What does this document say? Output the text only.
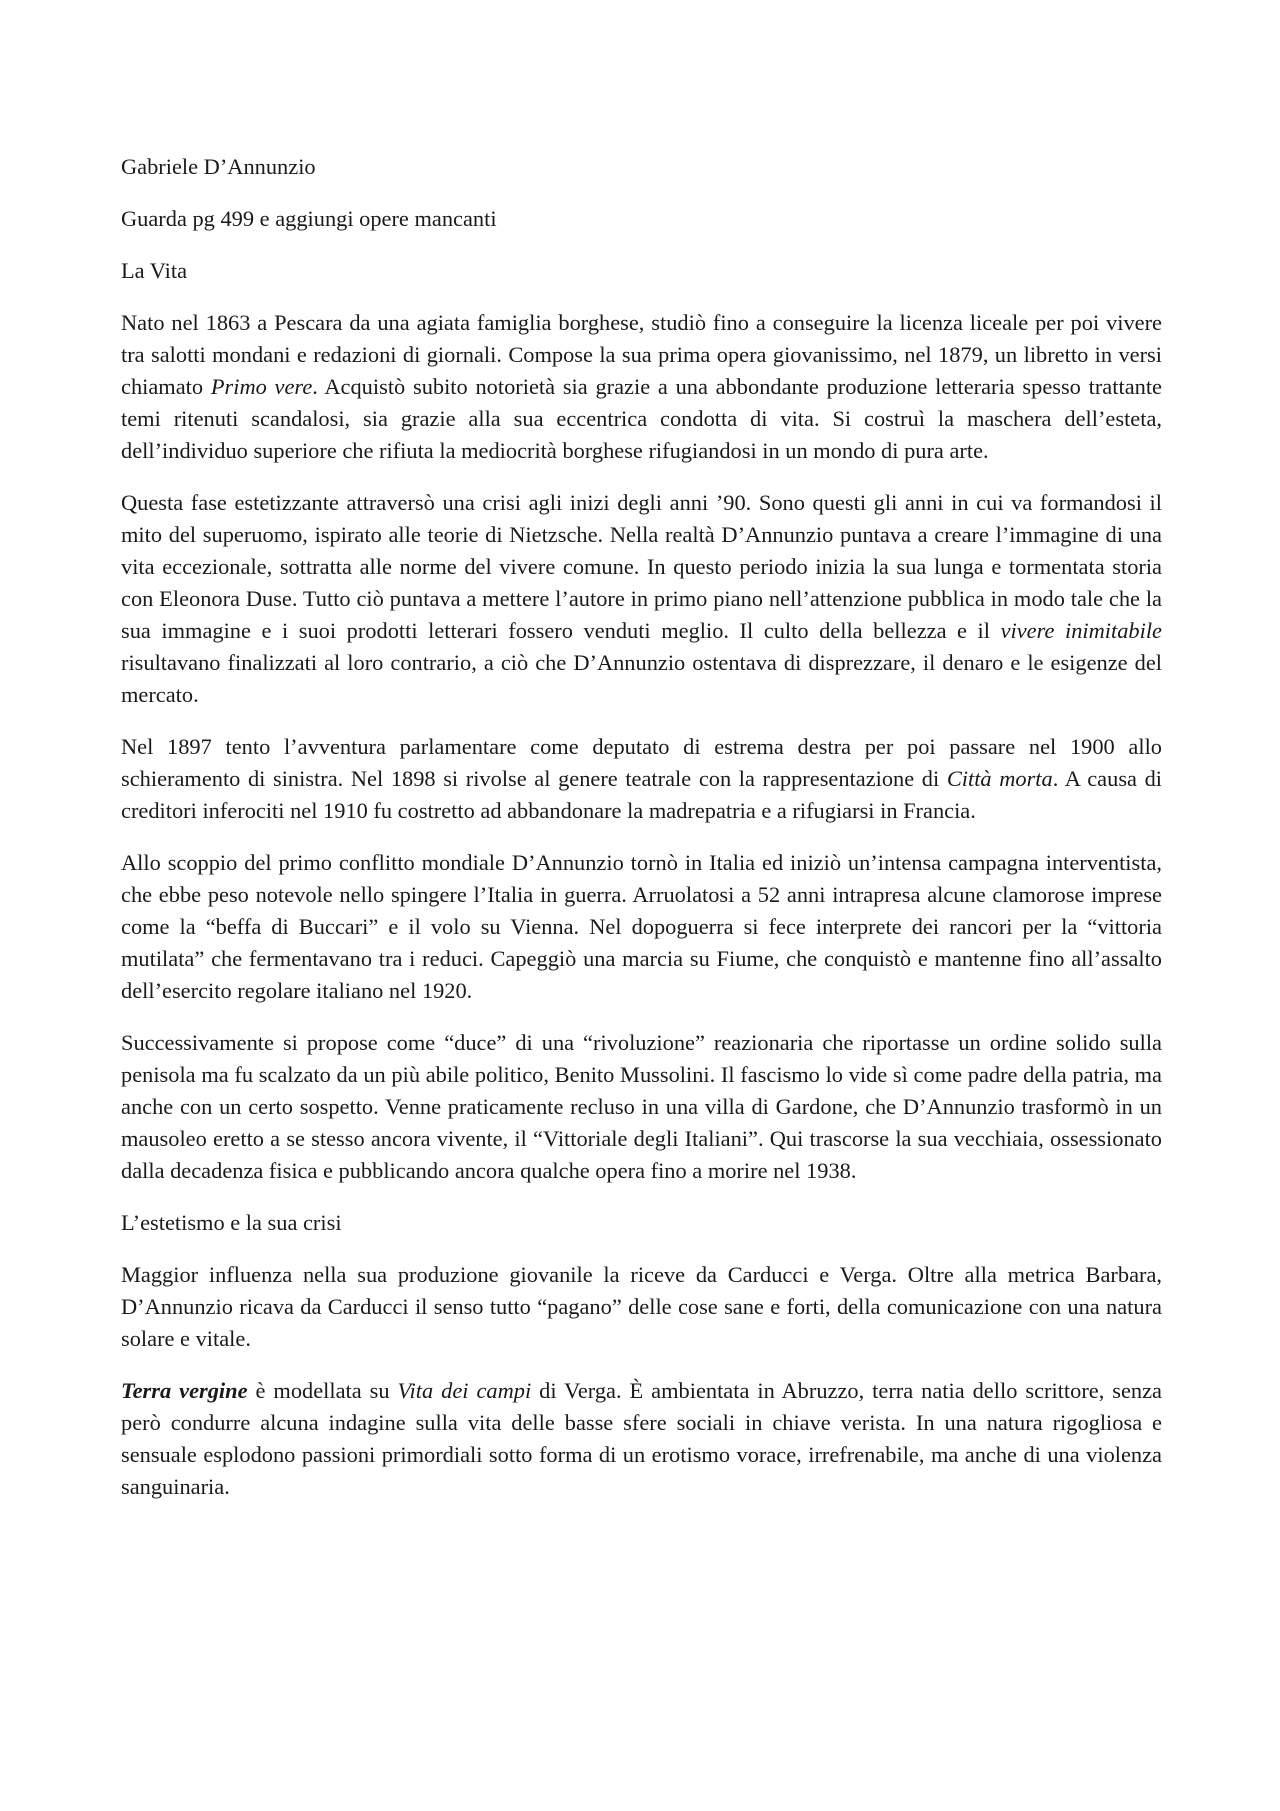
Gabriele D’Annunzio

Guarda pg 499 e aggiungi opere mancanti

La Vita

Nato nel 1863 a Pescara da una agiata famiglia borghese, studiò fino a conseguire la licenza liceale per poi vivere tra salotti mondani e redazioni di giornali. Compose la sua prima opera giovanissimo, nel 1879, un libretto in versi chiamato Primo vere. Acquistò subito notorietà sia grazie a una abbondante produzione letteraria spesso trattante temi ritenuti scandalosi, sia grazie alla sua eccentrica condotta di vita. Si costruì la maschera dell’esteta, dell’individuo superiore che rifiuta la mediocrità borghese rifugiandosi in un mondo di pura arte.

Questa fase estetizzante attraversò una crisi agli inizi degli anni ’90. Sono questi gli anni in cui va formandosi il mito del superuomo, ispirato alle teorie di Nietzsche. Nella realtà D’Annunzio puntava a creare l’immagine di una vita eccezionale, sottratta alle norme del vivere comune. In questo periodo inizia la sua lunga e tormentata storia con Eleonora Duse. Tutto ciò puntava a mettere l’autore in primo piano nell’attenzione pubblica in modo tale che la sua immagine e i suoi prodotti letterari fossero venduti meglio. Il culto della bellezza e il vivere inimitabile risultavano finalizzati al loro contrario, a ciò che D’Annunzio ostentava di disprezzare, il denaro e le esigenze del mercato.

Nel 1897 tento l’avventura parlamentare come deputato di estrema destra per poi passare nel 1900 allo schieramento di sinistra. Nel 1898 si rivolse al genere teatrale con la rappresentazione di Città morta. A causa di creditori inferociti nel 1910 fu costretto ad abbandonare la madrepatria e a rifugiarsi in Francia.

Allo scoppio del primo conflitto mondiale D’Annunzio tornò in Italia ed iniziò un’intensa campagna interventista, che ebbe peso notevole nello spingere l’Italia in guerra. Arruolatosi a 52 anni intrapresa alcune clamorose imprese come la “beffa di Buccari” e il volo su Vienna. Nel dopoguerra si fece interprete dei rancori per la “vittoria mutilata” che fermentavano tra i reduci. Capeggiò una marcia su Fiume, che conquistò e mantenne fino all’assalto dell’esercito regolare italiano nel 1920.

Successivamente si propose come “duce” di una “rivoluzione” reazionaria che riportasse un ordine solido sulla penisola ma fu scalzato da un più abile politico, Benito Mussolini. Il fascismo lo vide sì come padre della patria, ma anche con un certo sospetto. Venne praticamente recluso in una villa di Gardone, che D’Annunzio trasformò in un mausoleo eretto a se stesso ancora vivente, il “Vittoriale degli Italiani”. Qui trascorse la sua vecchiaia, ossessionato dalla decadenza fisica e pubblicando ancora qualche opera fino a morire nel 1938.

L’estetismo e la sua crisi

Maggior influenza nella sua produzione giovanile la riceve da Carducci e Verga. Oltre alla metrica Barbara, D’Annunzio ricava da Carducci il senso tutto “pagano” delle cose sane e forti, della comunicazione con una natura solare e vitale.

Terra vergine è modellata su Vita dei campi di Verga. È ambientata in Abruzzo, terra natia dello scrittore, senza però condurre alcuna indagine sulla vita delle basse sfere sociali in chiave verista. In una natura rigogliosa e sensuale esplodono passioni primordiali sotto forma di un erotismo vorace, irrefrenabile, ma anche di una violenza sanguinaria.
